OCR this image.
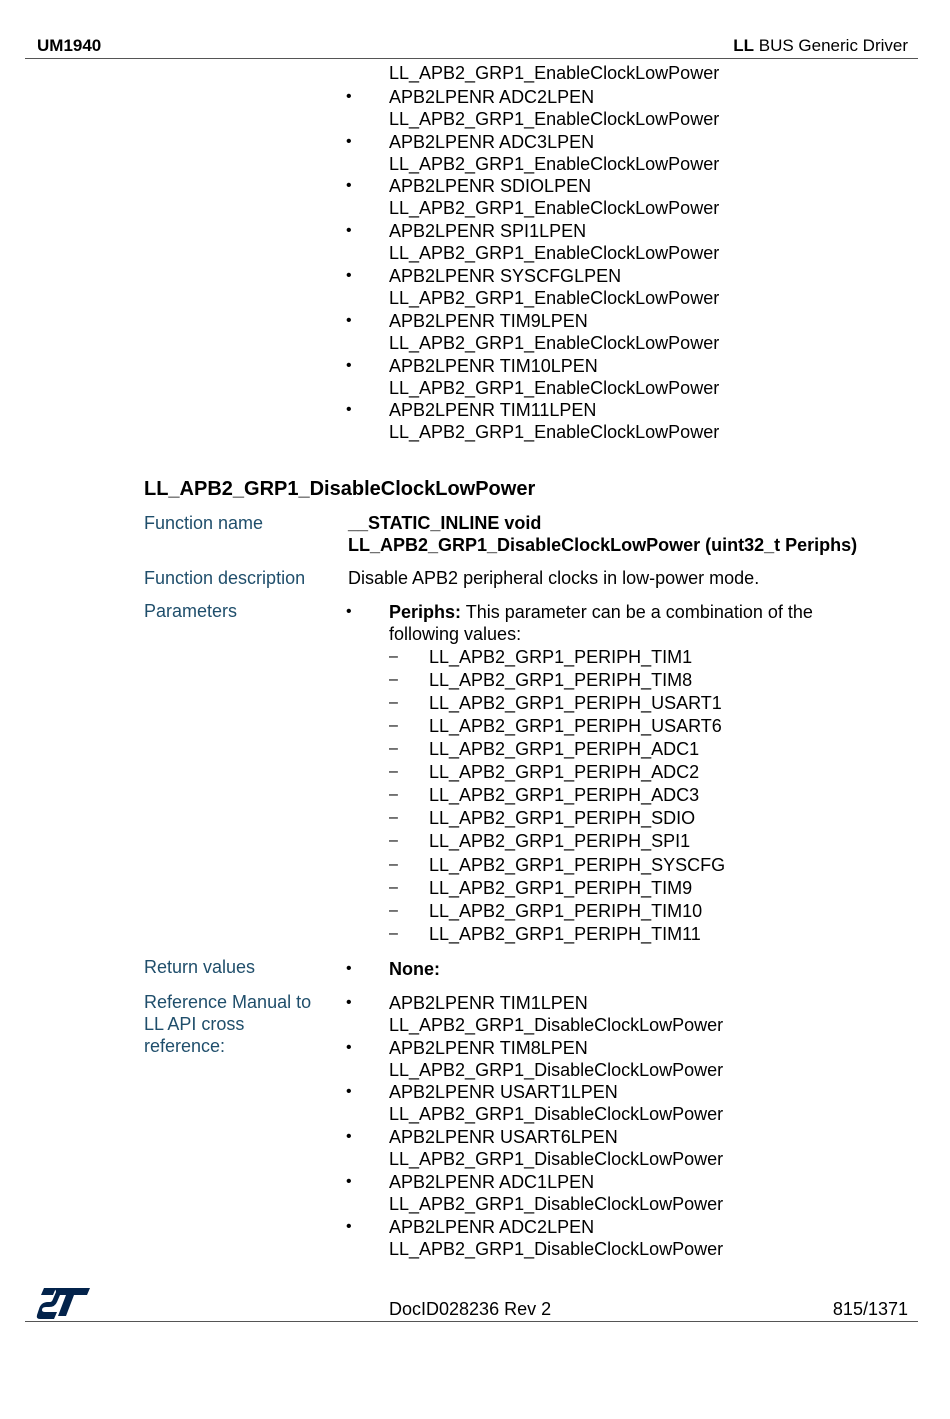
UM1940	LL BUS Generic Driver
LL_APB2_GRP1_EnableClockLowPower
• APB2LPENR ADC2LPEN
LL_APB2_GRP1_EnableClockLowPower
• APB2LPENR ADC3LPEN
LL_APB2_GRP1_EnableClockLowPower
• APB2LPENR SDIOLPEN
LL_APB2_GRP1_EnableClockLowPower
• APB2LPENR SPI1LPEN
LL_APB2_GRP1_EnableClockLowPower
• APB2LPENR SYSCFGLPEN
LL_APB2_GRP1_EnableClockLowPower
• APB2LPENR TIM9LPEN
LL_APB2_GRP1_EnableClockLowPower
• APB2LPENR TIM10LPEN
LL_APB2_GRP1_EnableClockLowPower
• APB2LPENR TIM11LPEN
LL_APB2_GRP1_EnableClockLowPower
LL_APB2_GRP1_DisableClockLowPower
Function name	__STATIC_INLINE void
LL_APB2_GRP1_DisableClockLowPower (uint32_t Periphs)
Function description Disable APB2 peripheral clocks in low-power mode.
Parameters	• Periphs: This parameter can be a combination of the
following values:
– LL_APB2_GRP1_PERIPH_TIM1
– LL_APB2_GRP1_PERIPH_TIM8
– LL_APB2_GRP1_PERIPH_USART1
– LL_APB2_GRP1_PERIPH_USART6
– LL_APB2_GRP1_PERIPH_ADC1
– LL_APB2_GRP1_PERIPH_ADC2
– LL_APB2_GRP1_PERIPH_ADC3
– LL_APB2_GRP1_PERIPH_SDIO
– LL_APB2_GRP1_PERIPH_SPI1
– LL_APB2_GRP1_PERIPH_SYSCFG
– LL_APB2_GRP1_PERIPH_TIM9
– LL_APB2_GRP1_PERIPH_TIM10
– LL_APB2_GRP1_PERIPH_TIM11
Return values	• None:
Reference Manual to
LL API cross
reference:
• APB2LPENR TIM1LPEN
LL_APB2_GRP1_DisableClockLowPower
• APB2LPENR TIM8LPEN
LL_APB2_GRP1_DisableClockLowPower
• APB2LPENR USART1LPEN
LL_APB2_GRP1_DisableClockLowPower
• APB2LPENR USART6LPEN
LL_APB2_GRP1_DisableClockLowPower
• APB2LPENR ADC1LPEN
LL_APB2_GRP1_DisableClockLowPower
• APB2LPENR ADC2LPEN
LL_APB2_GRP1_DisableClockLowPower
DocID028236 Rev 2	815/1371
